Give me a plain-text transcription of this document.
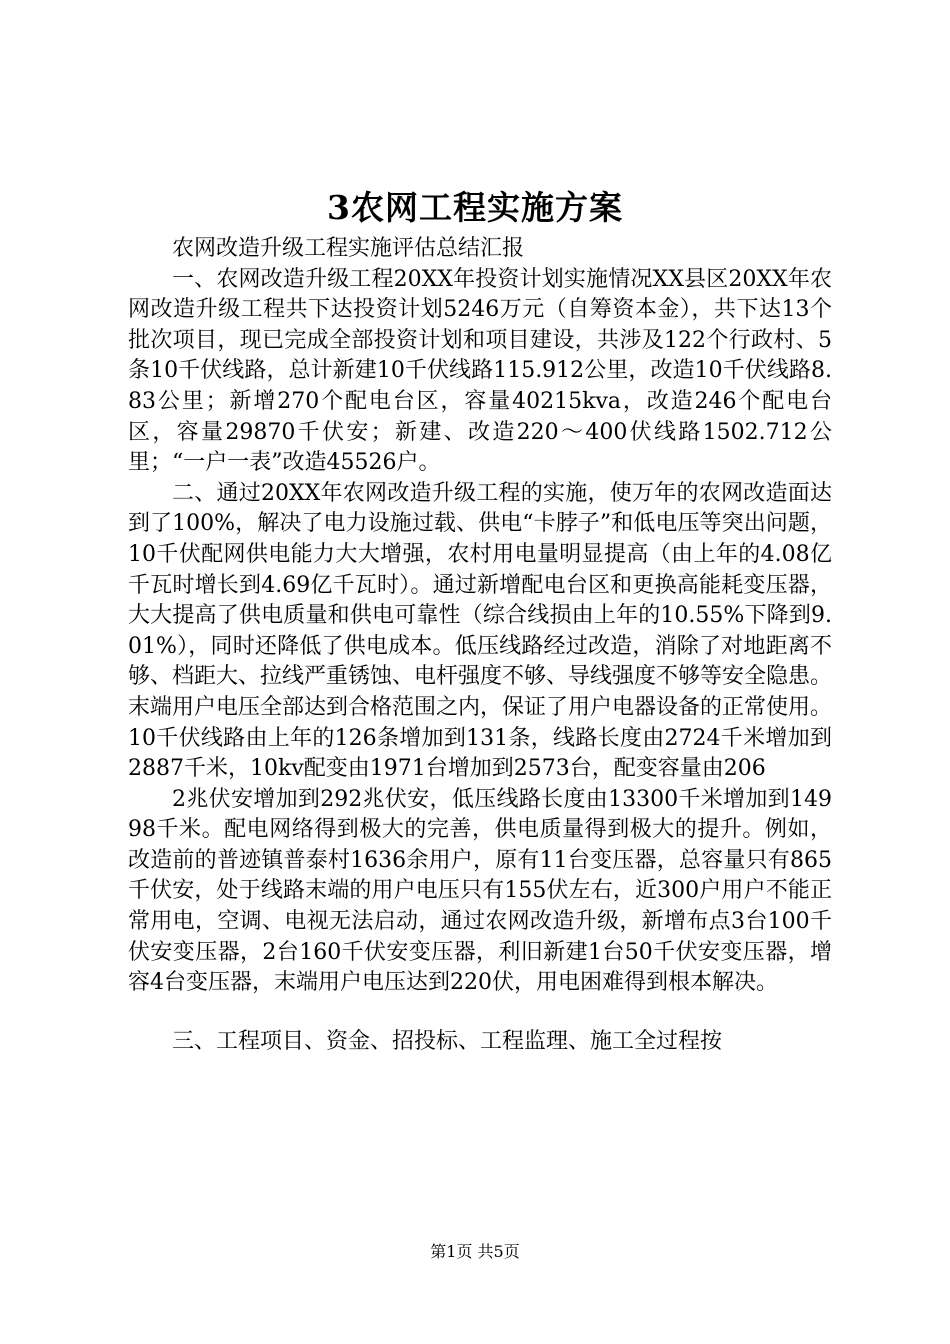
3农网工程实施方案

农网改造升级工程实施评估总结汇报

一、农网改造升级工程20XX年投资计划实施情况XX县区20XX年农网改造升级工程共下达投资计划5246万元（自筹资本金），共下达13个批次项目，现已完成全部投资计划和项目建设，共涉及122个行政村、5条10千伏线路，总计新建10千伏线路115.912公里，改造10千伏线路8.83公里；新增270个配电台区，容量40215kva，改造246个配电台区，容量29870千伏安；新建、改造220～400伏线路1502.712公里；“一户一表”改造45526户。

二、通过20XX年农网改造升级工程的实施，使万年的农网改造面达到了100%，解决了电力设施过载、供电“卡脖子”和低电压等突出问题，10千伏配网供电能力大大增强，农村用电量明显提高（由上年的4.08亿千瓦时增长到4.69亿千瓦时）。通过新增配电台区和更换高能耗变压器，大大提高了供电质量和供电可靠性（综合线损由上年的10.55%下降到9.01%），同时还降低了供电成本。低压线路经过改造，消除了对地距离不够、档距大、拉线严重锈蚀、电杆强度不够、导线强度不够等安全隐患。末端用户电压全部达到合格范围之内，保证了用户电器设备的正常使用。10千伏线路由上年的126条增加到131条，线路长度由2724千米增加到2887千米，10kv配变由1971台增加到2573台，配变容量由206

2兆伏安增加到292兆伏安，低压线路长度由13300千米增加到14998千米。配电网络得到极大的完善，供电质量得到极大的提升。例如，改造前的普迹镇普泰村1636余用户，原有11台变压器，总容量只有865千伏安，处于线路末端的用户电压只有155伏左右，近300户用户不能正常用电，空调、电视无法启动，通过农网改造升级，新增布点3台100千伏安变压器，2台160千伏安变压器，利旧新建1台50千伏安变压器，增容4台变压器，末端用户电压达到220伏，用电困难得到根本解决。

三、工程项目、资金、招投标、工程监理、施工全过程按

第1页 共5页
